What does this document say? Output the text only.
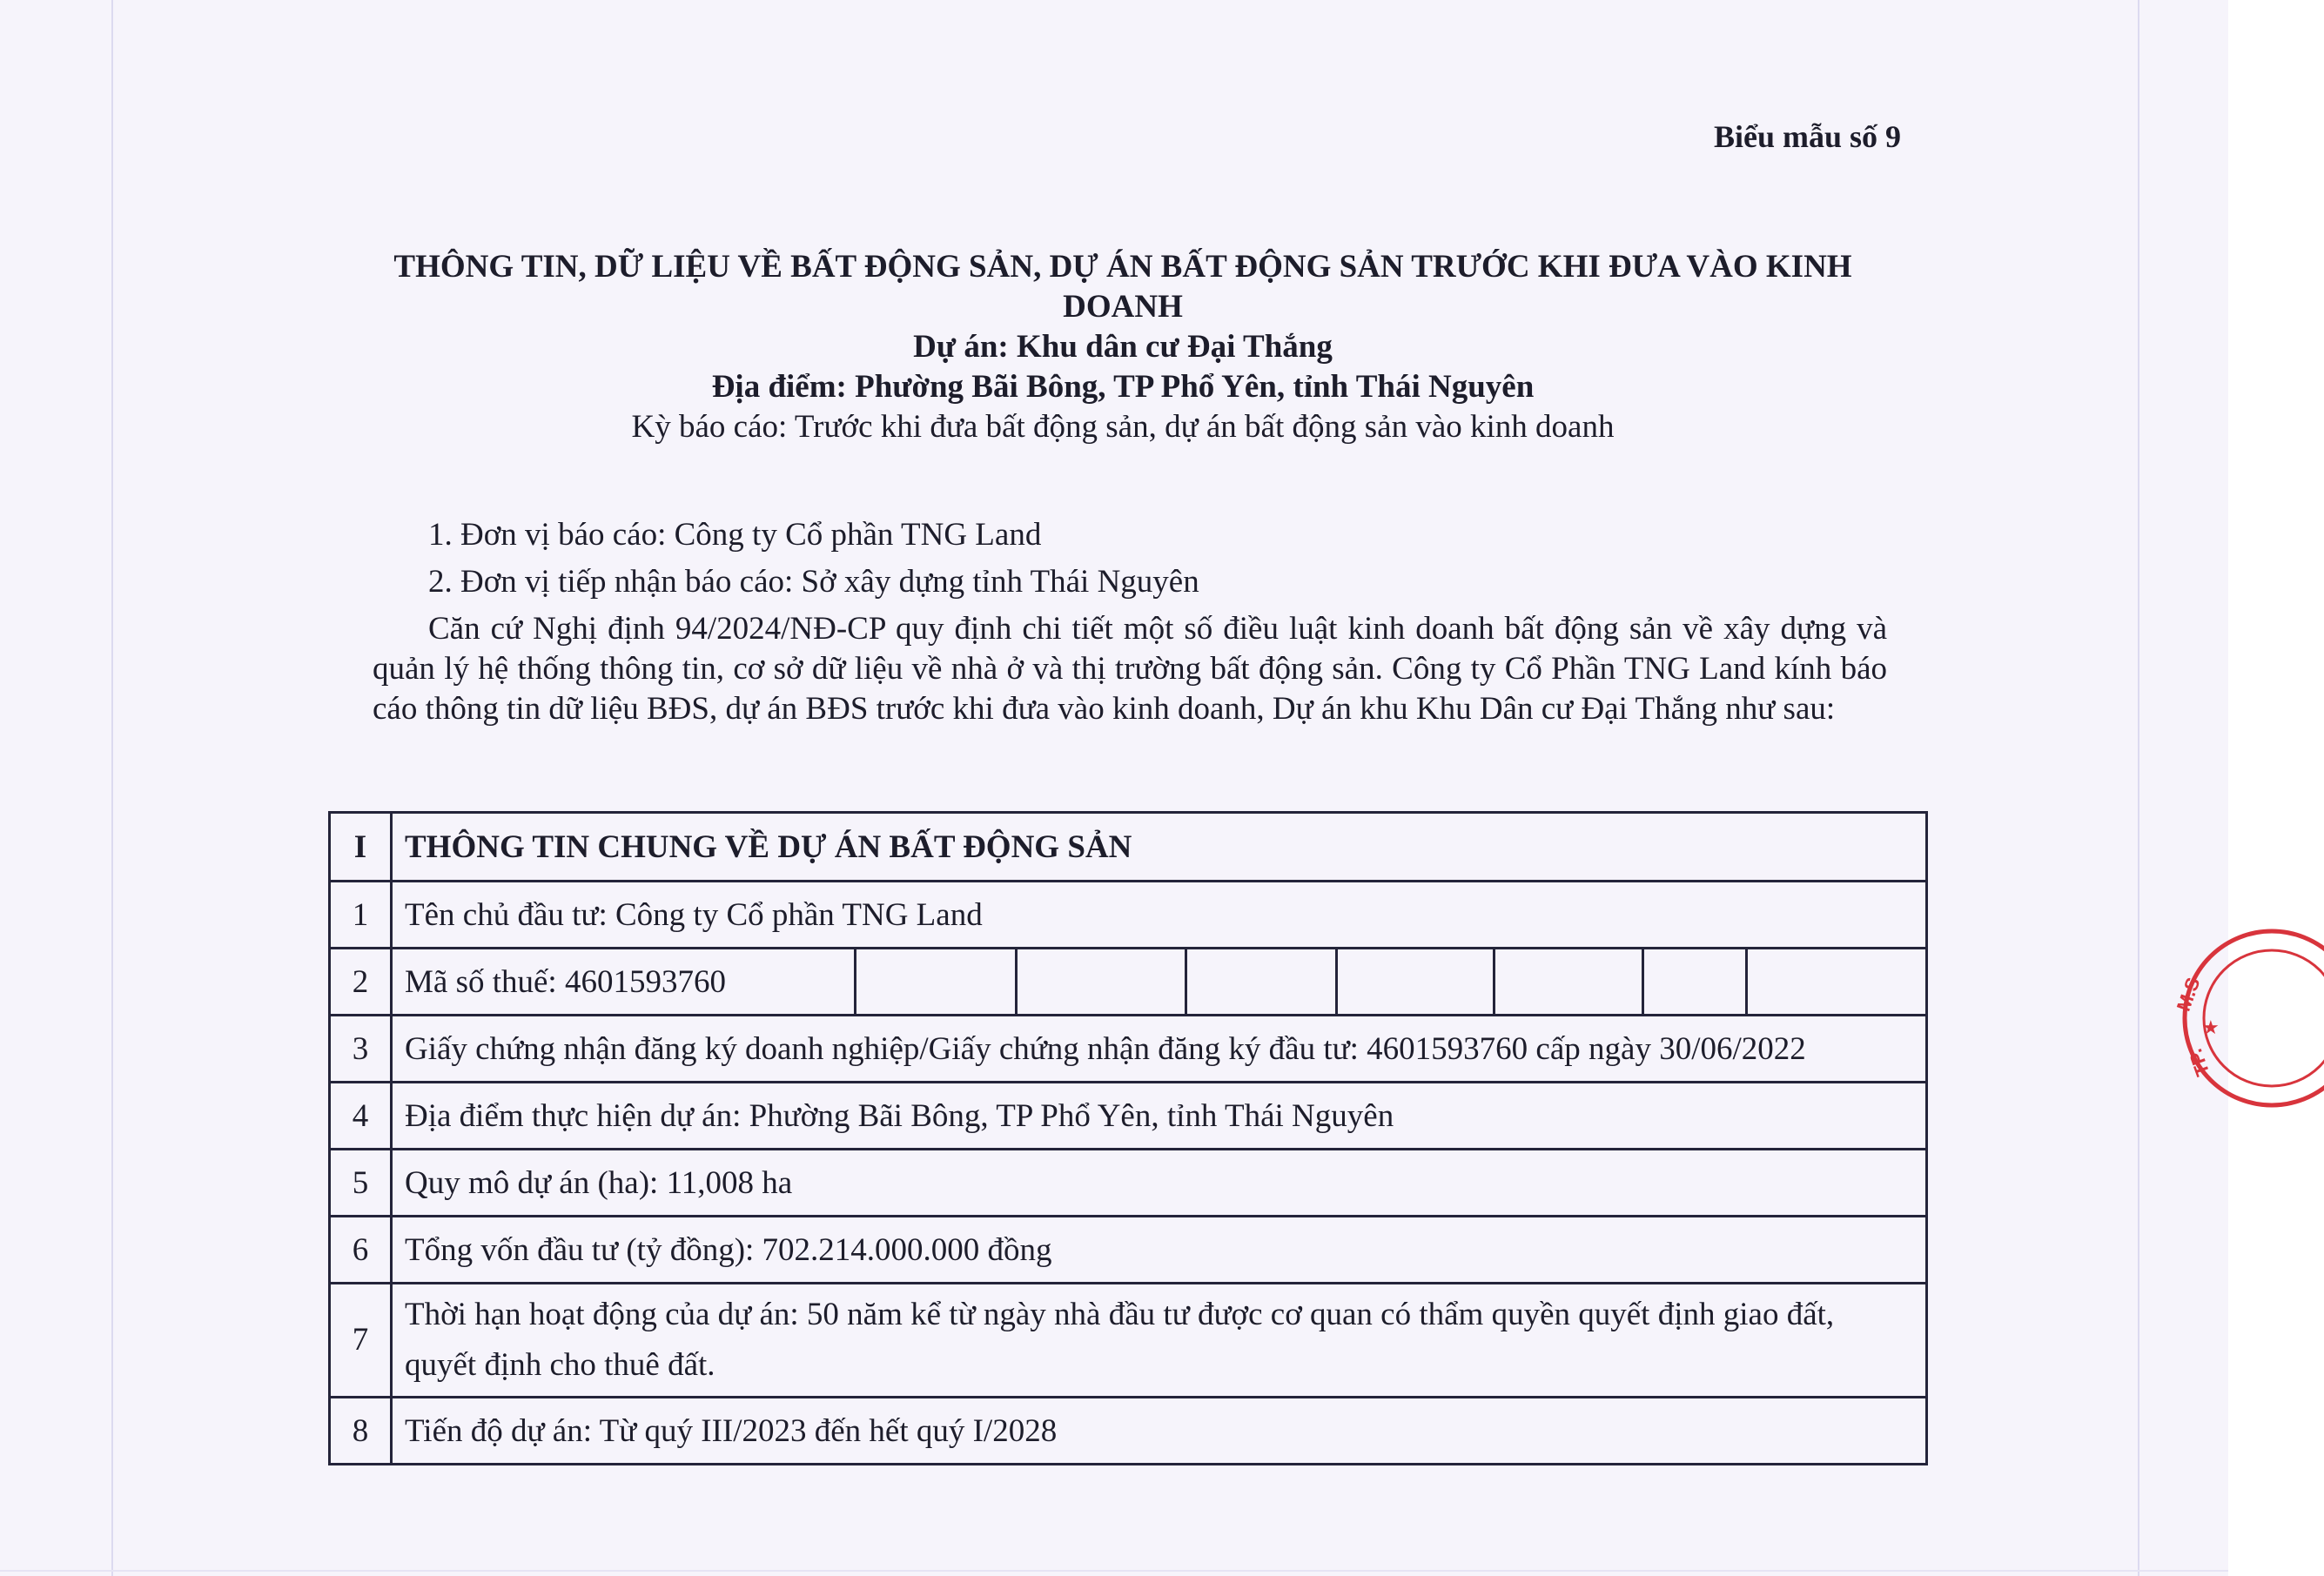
Biểu mẫu số 9
THÔNG TIN, DỮ LIỆU VỀ BẤT ĐỘNG SẢN, DỰ ÁN BẤT ĐỘNG SẢN TRƯỚC KHI ĐƯA VÀO KINH
DOANH
Dự án: Khu dân cư Đại Thắng
Địa điểm: Phường Bãi Bông, TP Phổ Yên, tỉnh Thái Nguyên
Kỳ báo cáo: Trước khi đưa bất động sản, dự án bất động sản vào kinh doanh
1. Đơn vị báo cáo: Công ty Cổ phần TNG Land
2. Đơn vị tiếp nhận báo cáo: Sở xây dựng tỉnh Thái Nguyên

Căn cứ Nghị định 94/2024/NĐ-CP quy định chi tiết một số điều luật kinh doanh bất động sản về xây dựng và quản lý hệ thống thông tin, cơ sở dữ liệu về nhà ở và thị trường bất động sản. Công ty Cổ Phần TNG Land kính báo cáo thông tin dữ liệu BĐS, dự án BĐS trước khi đưa vào kinh doanh, Dự án khu Khu Dân cư Đại Thắng như sau:

I	THÔNG TIN CHUNG VỀ DỰ ÁN BẤT ĐỘNG SẢN
1	Tên chủ đầu tư: Công ty Cổ phần TNG Land
2	Mã số thuế: 4601593760

3	Giấy chứng nhận đăng ký doanh nghiệp/Giấy chứng nhận đăng ký đầu tư: 4601593760 cấp ngày 30/06/2022
4	Địa điểm thực hiện dự án: Phường Bãi Bông, TP Phổ Yên, tỉnh Thái Nguyên
5	Quy mô dự án (ha): 11,008 ha
6	Tổng vốn đầu tư (tỷ đồng): 702.214.000.000 đồng
7	Thời hạn hoạt động của dự án: 50 năm kể từ ngày nhà đầu tư được cơ quan có thẩm quyền quyết định giao đất, quyết định cho thuê đất.
8	Tiến độ dự án: Từ quý III/2023 đến hết quý I/2028
M.S
★
TP.
